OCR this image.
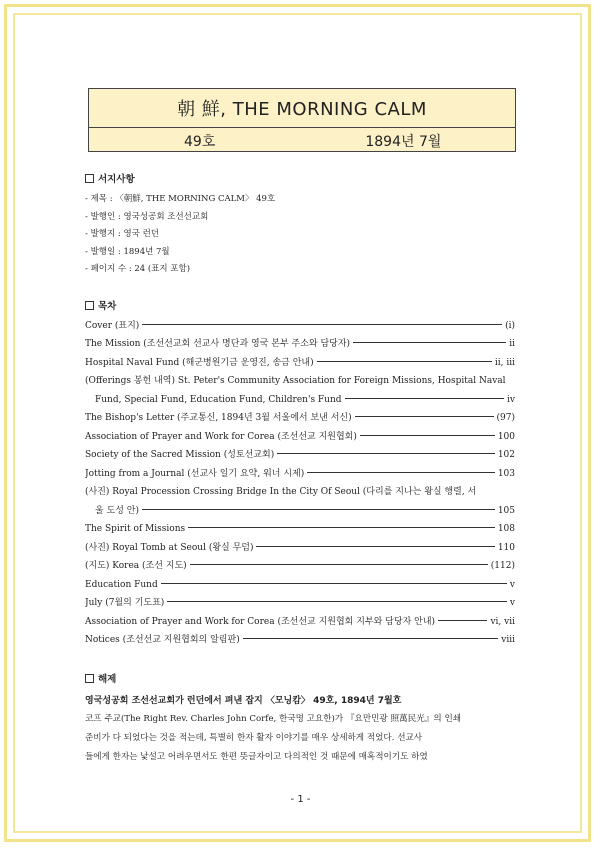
朝 鮮, THE MORNING CALM
49호	1894년 7월
서지사항
- 제목 : 〈朝鮮, THE MORNING CALM〉 49호
- 발행인 : 영국성공회 조선선교회
- 발행지 : 영국 런던
- 발행일 : 1894년 7월
- 페이지 수 : 24 (표지 포함)
목차
Cover (표지)	(i)
The Mission (조선선교회 선교사 명단과 영국 본부 주소와 담당자)	ii
Hospital Naval Fund (해군병원기금 운영진, 송금 안내)	ii, iii
(Offerings 봉헌 내역) St. Peter's Community Association for Foreign Missions, Hospital Naval
Fund, Special Fund, Education Fund, Children's Fund	iv
The Bishop's Letter (주교통신, 1894년 3월 서울에서 보낸 서신)	(97)
Association of Prayer and Work for Corea (조선선교 지원협회)	100
Society of the Sacred Mission (성토선교회)	102
Jotting from a Journal (선교사 일기 요약, 워너 시제)	103
(사진) Royal Procession Crossing Bridge In the City Of Seoul (다리를 지나는 왕실 행렬, 서
울 도성 안)	105
The Spirit of Missions	108
(사진) Royal Tomb at Seoul (왕실 무덤)	110
(지도) Korea (조선 지도)	(112)
Education Fund	v
July (7월의 기도표)	v
Association of Prayer and Work for Corea (조선선교 지원협회 지부와 담당자 안내)	vi, vii
Notices (조선선교 지원협회의 알림판)	viii
해제
영국성공회 조선선교회가 런던에서 펴낸 잡지 〈모닝캄〉 49호, 1894년 7월호
코프 주교(The Right Rev. Charles John Corfe, 한국명 고요한)가 『요만민광 照萬民光』의 인쇄
준비가 다 되었다는 것을 적는데, 특별히 한자 활자 이야기를 매우 상세하게 적었다. 선교사
들에게 한자는 낯설고 어려우면서도 한편 뜻글자이고 다의적인 것 때문에 매혹적이기도 하였
- 1 -
